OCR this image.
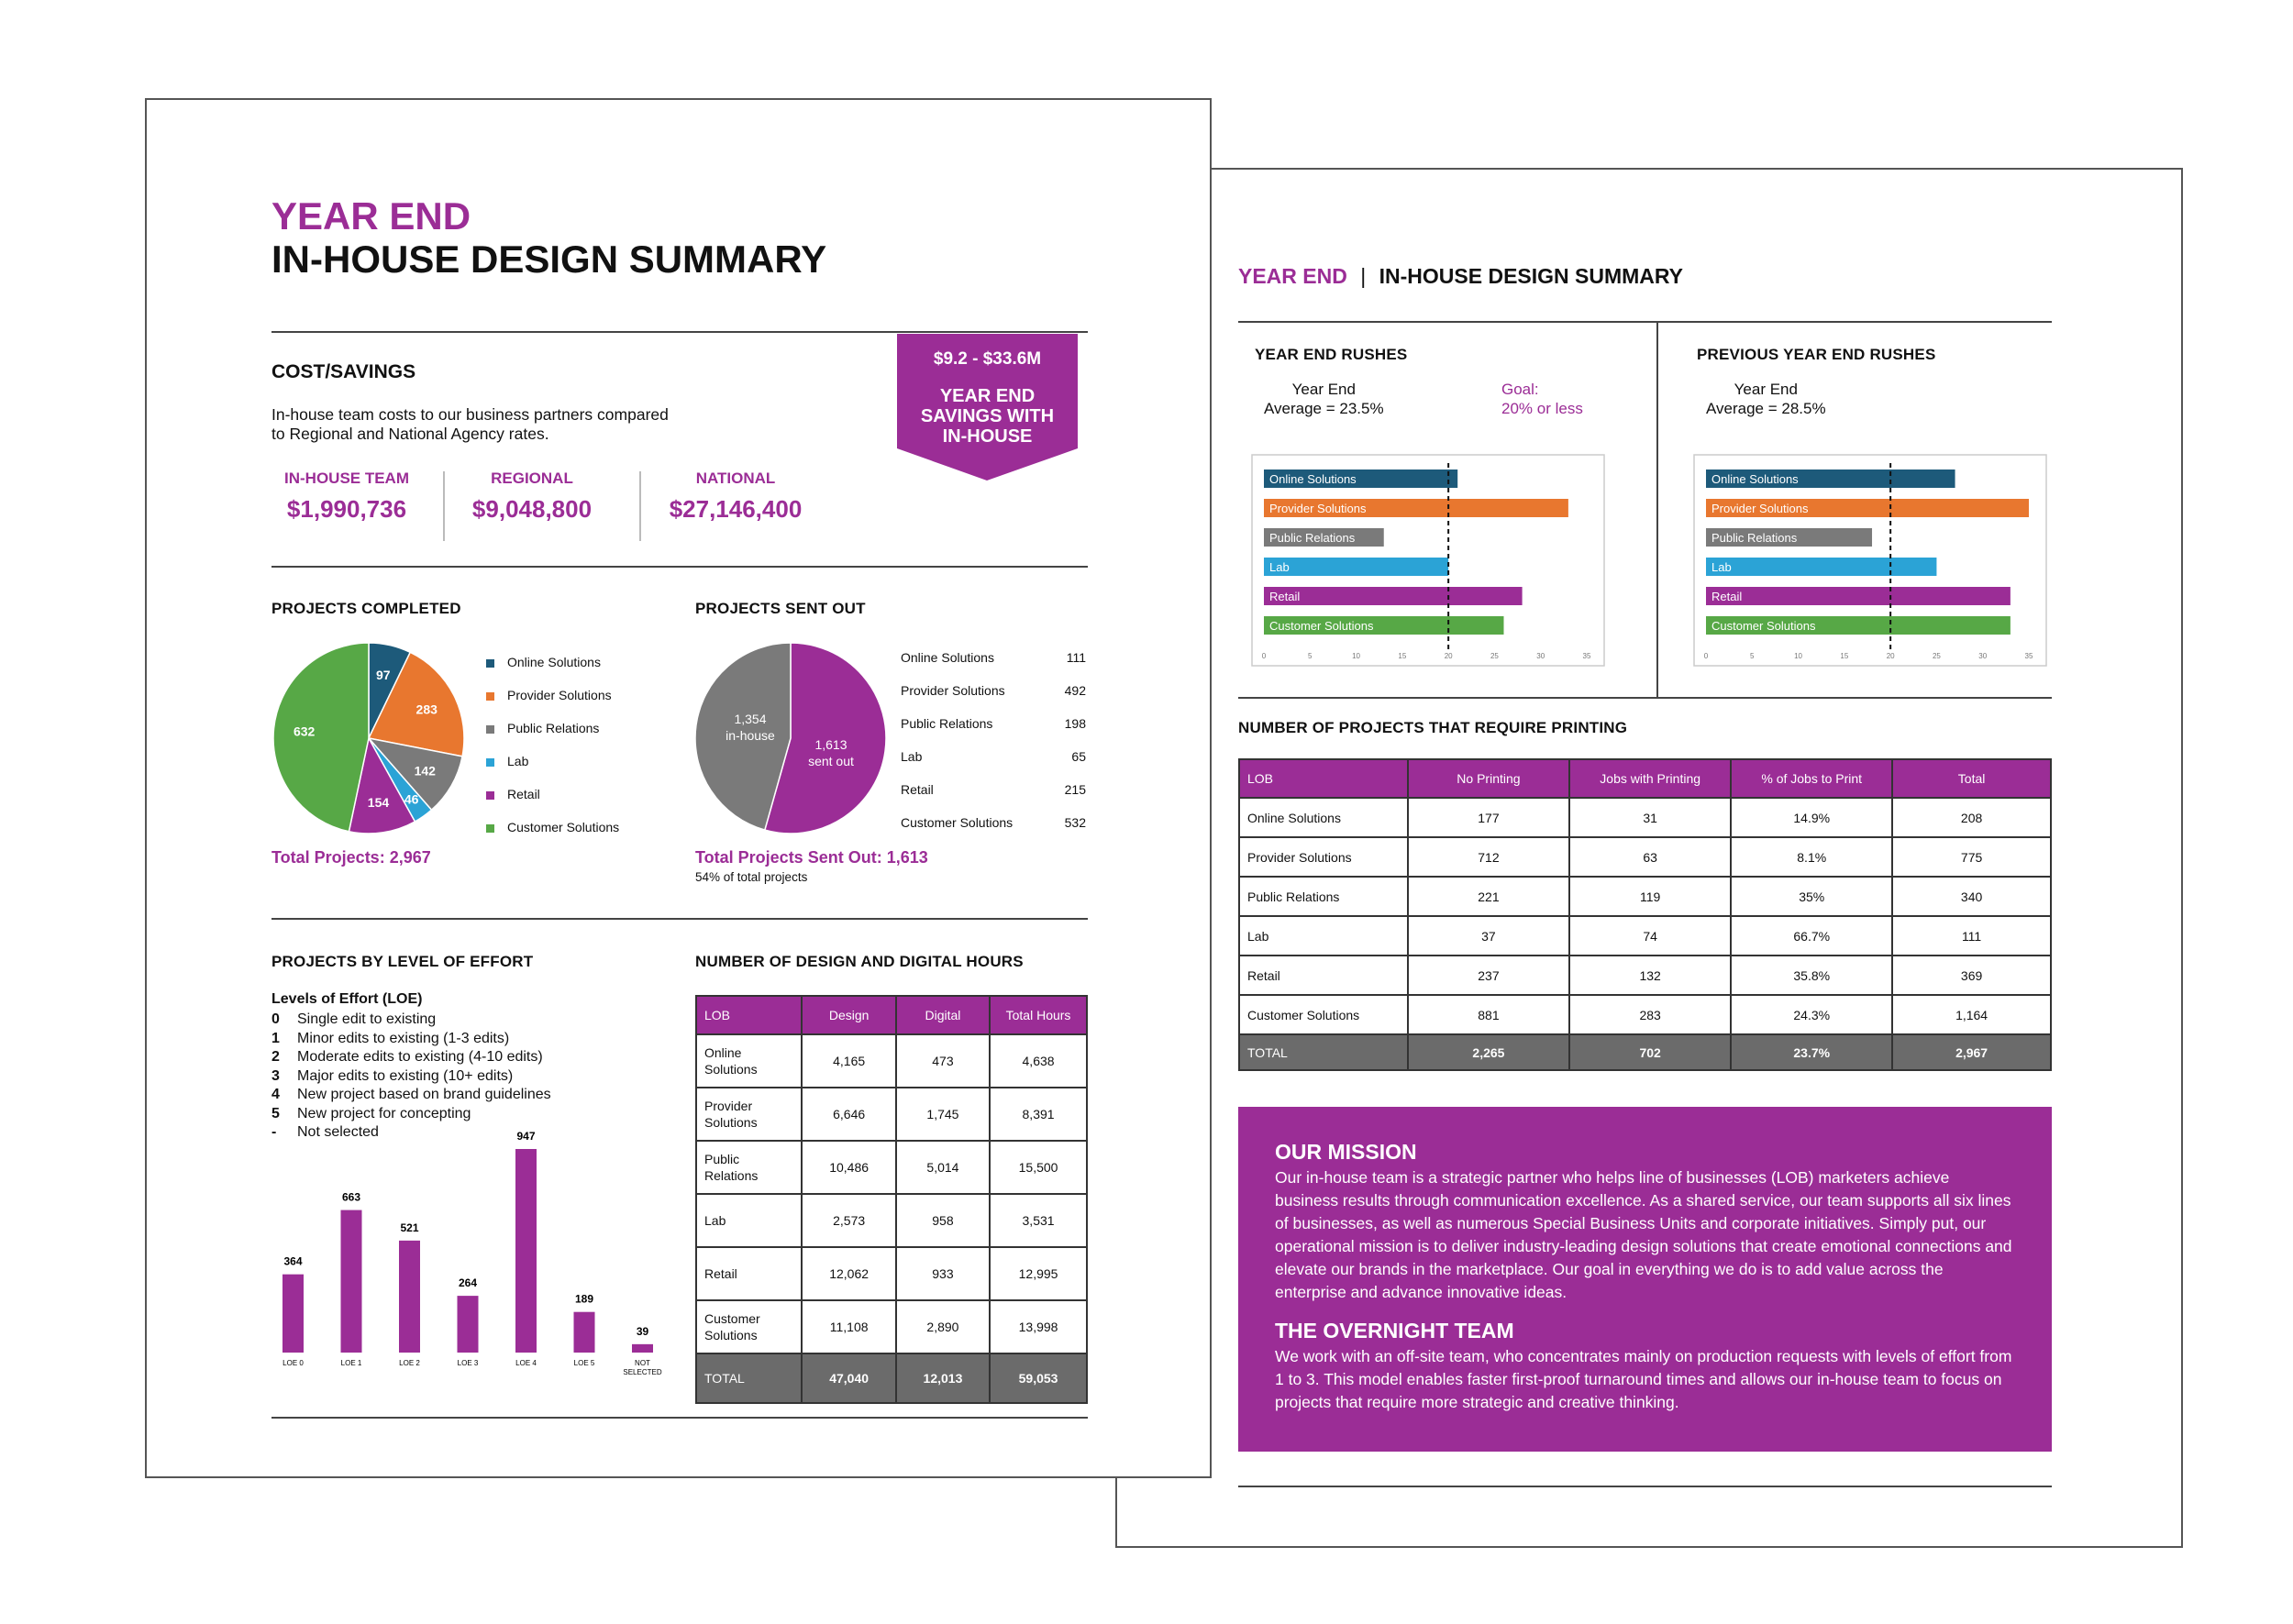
YEAR END | IN-HOUSE DESIGN SUMMARY
YEAR END RUSHES
Year End
Average = 23.5%
Goal:
20% or less
Online Solutions
Provider Solutions
Public Relations
Lab
Retail
Customer Solutions
0	5	10	15	20	25	30	35
PREVIOUS YEAR END RUSHES
Year End
Average = 28.5%
Online Solutions
Provider Solutions
Public Relations
Lab
Retail
Customer Solutions
0	5	10	15	20	25	30	35
NUMBER OF PROJECTS THAT REQUIRE PRINTING
LOB	No Printing	Jobs with Printing	% of Jobs to Print	Total
Online Solutions	177	31	14.9%	208
Provider Solutions	712	63	8.1%	775
Public Relations	221	119	35%	340
Lab	37	74	66.7%	111
Retail	237	132	35.8%	369
Customer Solutions	881	283	24.3%	1,164
TOTAL	2,265	702	23.7%	2,967
OUR MISSION

Our in-house team is a strategic partner who helps line of businesses (LOB) marketers achieve business results through communication excellence. As a shared service, our team supports all six lines of businesses, as well as numerous Special Business Units and corporate initiatives. Simply put, our operational mission is to deliver industry-leading design solutions that create emotional connections and elevate our brands in the marketplace. Our goal in everything we do is to add value across the enterprise and advance innovative ideas.

THE OVERNIGHT TEAM

We work with an off-site team, who concentrates mainly on production requests with levels of effort from 1 to 3. This model enables faster first-proof turnaround times and allows our in-house team to focus on projects that require more strategic and creative thinking.

YEAR END
IN-HOUSE DESIGN SUMMARY
COST/SAVINGS
In-house team costs to our business partners compared
to Regional and National Agency rates.
IN-HOUSE TEAM
$1,990,736
REGIONAL
$9,048,800
NATIONAL
$27,146,400
$9.2 - $33.6M
YEAR END
SAVINGS WITH
IN-HOUSE
PROJECTS COMPLETED
97
283
142
46
154
632
Online Solutions
Provider Solutions
Public Relations
Lab
Retail
Customer Solutions
Total Projects: 2,967
PROJECTS SENT OUT
1,354
in-house
1,613
sent out
Online Solutions	111
Provider Solutions	492
Public Relations	198
Lab	65
Retail	215
Customer Solutions	532
Total Projects Sent Out: 1,613
54% of total projects
PROJECTS BY LEVEL OF EFFORT
Levels of Effort (LOE)
0 Single edit to existing
1 Minor edits to existing (1-3 edits)
2 Moderate edits to existing (4-10 edits)
3 Major edits to existing (10+ edits)
4 New project based on brand guidelines
5 New project for concepting
- Not selected
364
LOE 0
663
LOE 1
521
LOE 2
264
LOE 3
947
LOE 4
189
LOE 5
39
NOT
SELECTED
NUMBER OF DESIGN AND DIGITAL HOURS
LOB	Design	Digital	Total Hours
Online Solutions	4,165	473	4,638
Provider Solutions	6,646	1,745	8,391
Public Relations	10,486	5,014	15,500
Lab	2,573	958	3,531
Retail	12,062	933	12,995
Customer Solutions	11,108	2,890	13,998
TOTAL	47,040	12,013	59,053
